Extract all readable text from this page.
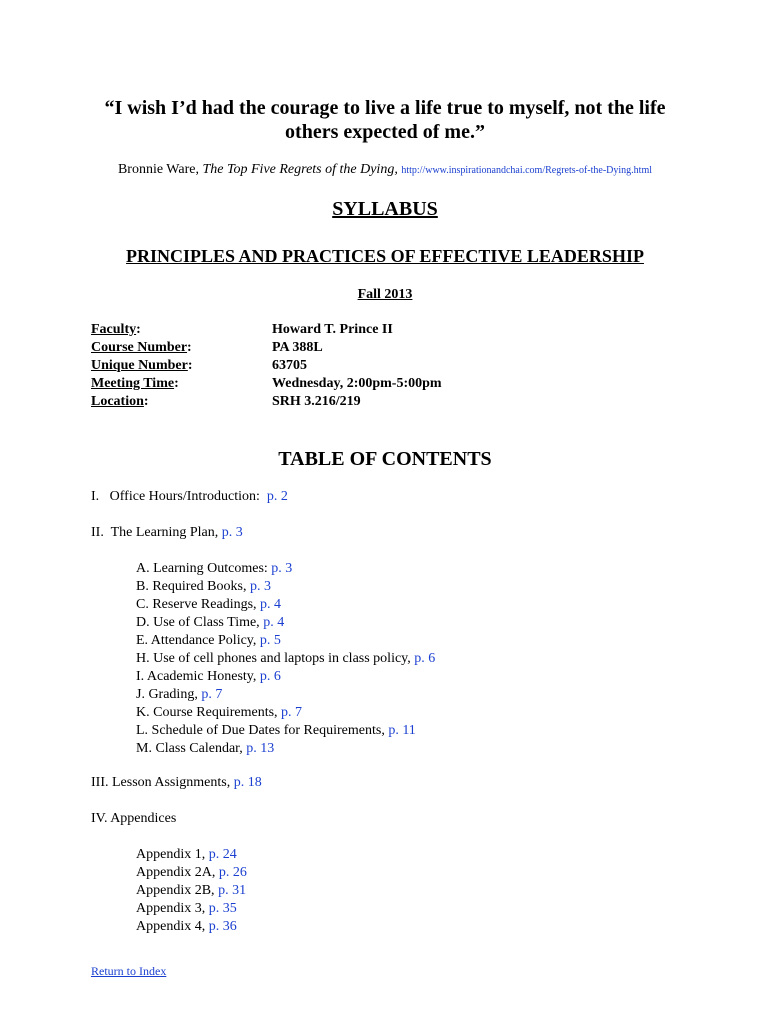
“I wish I’d had the courage to live a life true to myself, not the life
others expected of me.”
Bronnie Ware, The Top Five Regrets of the Dying, http://www.inspirationandchai.com/Regrets-of-the-Dying.html
SYLLABUS
PRINCIPLES AND PRACTICES OF EFFECTIVE LEADERSHIP
Fall 2013
Faculty:
Course Number:
Unique Number:
Meeting Time:
Location:
Howard T. Prince II
PA 388L
63705
Wednesday, 2:00pm-5:00pm
SRH 3.216/219
TABLE OF CONTENTS
I.   Office Hours/Introduction:  p. 2
II.  The Learning Plan, p. 3
A. Learning Outcomes: p. 3
B. Required Books, p. 3
C. Reserve Readings, p. 4
D. Use of Class Time, p. 4
E. Attendance Policy, p. 5
H. Use of cell phones and laptops in class policy, p. 6
I. Academic Honesty, p. 6
J. Grading, p. 7
K. Course Requirements, p. 7
L. Schedule of Due Dates for Requirements, p. 11
M. Class Calendar, p. 13
III. Lesson Assignments, p. 18
IV. Appendices
Appendix 1, p. 24
Appendix 2A, p. 26
Appendix 2B, p. 31
Appendix 3, p. 35
Appendix 4, p. 36
Return to Index
